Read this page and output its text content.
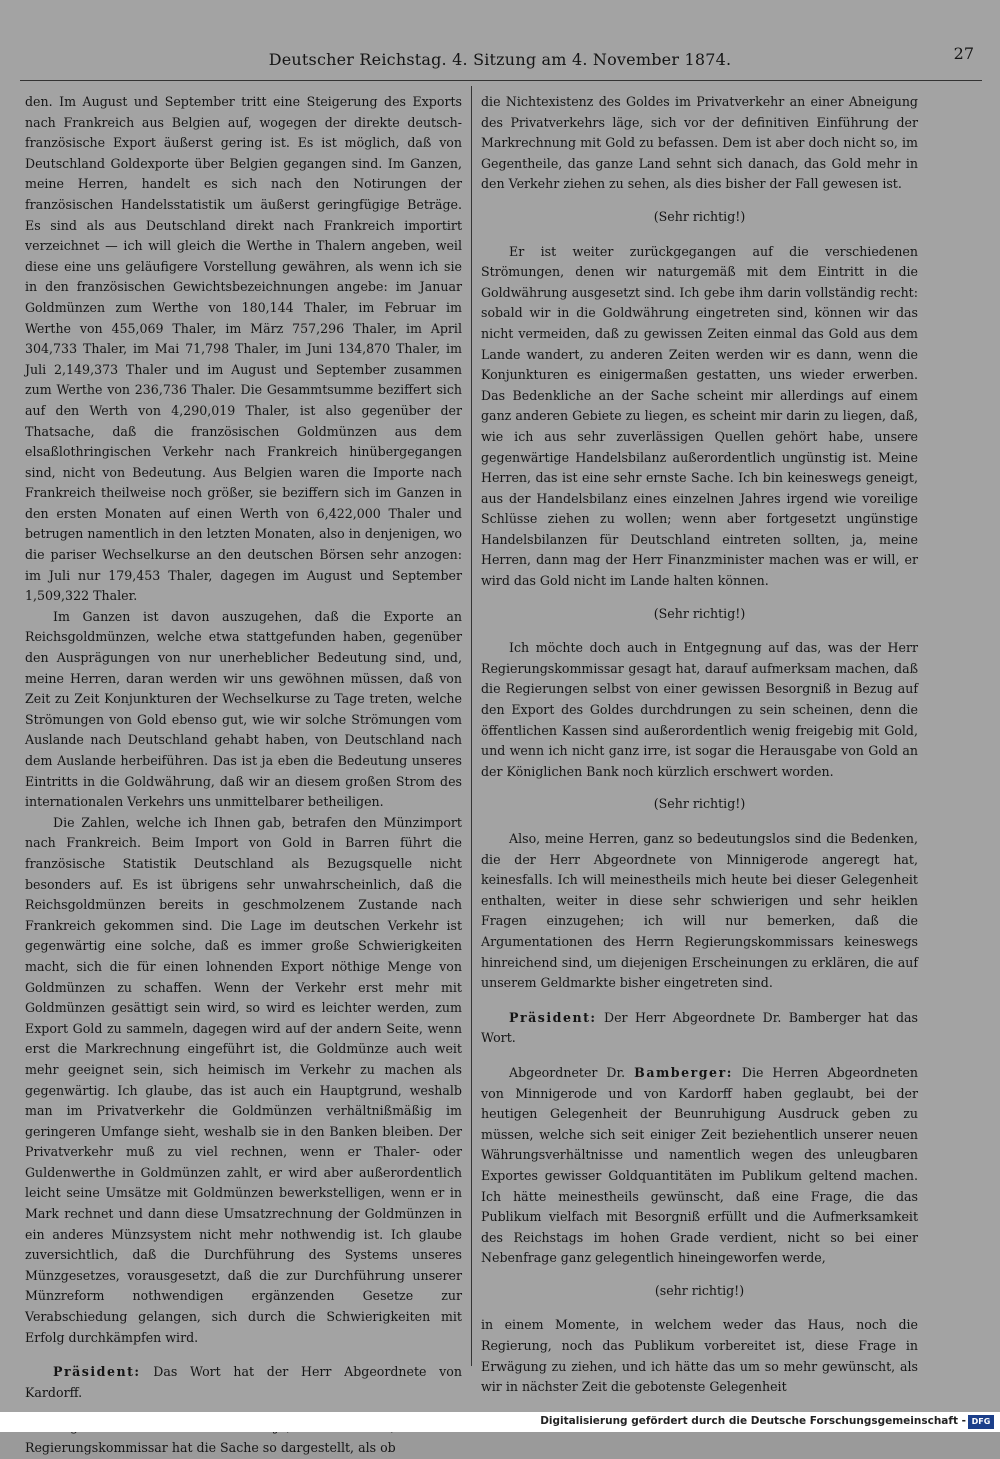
Deutscher Reichstag. 4. Sitzung am 4. November 1874.	27

den. Im August und September tritt eine Steigerung des Exports nach Frankreich aus Belgien auf, wogegen der direkte deutsch-französische Export äußerst gering ist. Es ist möglich, daß von Deutschland Goldexporte über Belgien gegangen sind. Im Ganzen, meine Herren, handelt es sich nach den Notirungen der französischen Handelsstatistik um äußerst geringfügige Beträge. Es sind als aus Deutschland direkt nach Frankreich importirt verzeichnet — ich will gleich die Werthe in Thalern angeben, weil diese eine uns geläufigere Vorstellung gewähren, als wenn ich sie in den französischen Gewichtsbezeichnungen angebe: im Januar Goldmünzen zum Werthe von 180,144 Thaler, im Februar im Werthe von 455,069 Thaler, im März 757,296 Thaler, im April 304,733 Thaler, im Mai 71,798 Thaler, im Juni 134,870 Thaler, im Juli 2,149,373 Thaler und im August und September zusammen zum Werthe von 236,736 Thaler. Die Gesammtsumme beziffert sich auf den Werth von 4,290,019 Thaler, ist also gegenüber der Thatsache, daß die französischen Goldmünzen aus dem elsaßlothringischen Verkehr nach Frankreich hinübergegangen sind, nicht von Bedeutung. Aus Belgien waren die Importe nach Frankreich theilweise noch größer, sie beziffern sich im Ganzen in den ersten Monaten auf einen Werth von 6,422,000 Thaler und betrugen namentlich in den letzten Monaten, also in denjenigen, wo die pariser Wechselkurse an den deutschen Börsen sehr anzogen: im Juli nur 179,453 Thaler, dagegen im August und September 1,509,322 Thaler.

Im Ganzen ist davon auszugehen, daß die Exporte an Reichsgoldmünzen, welche etwa stattgefunden haben, gegenüber den Ausprägungen von nur unerheblicher Bedeutung sind, und, meine Herren, daran werden wir uns gewöhnen müssen, daß von Zeit zu Zeit Konjunkturen der Wechselkurse zu Tage treten, welche Strömungen von Gold ebenso gut, wie wir solche Strömungen vom Auslande nach Deutschland gehabt haben, von Deutschland nach dem Auslande herbeiführen. Das ist ja eben die Bedeutung unseres Eintritts in die Goldwährung, daß wir an diesem großen Strom des internationalen Verkehrs uns unmittelbarer betheiligen.

Die Zahlen, welche ich Ihnen gab, betrafen den Münzimport nach Frankreich. Beim Import von Gold in Barren führt die französische Statistik Deutschland als Bezugsquelle nicht besonders auf. Es ist übrigens sehr unwahrscheinlich, daß die Reichsgoldmünzen bereits in geschmolzenem Zustande nach Frankreich gekommen sind. Die Lage im deutschen Verkehr ist gegenwärtig eine solche, daß es immer große Schwierigkeiten macht, sich die für einen lohnenden Export nöthige Menge von Goldmünzen zu schaffen. Wenn der Verkehr erst mehr mit Goldmünzen gesättigt sein wird, so wird es leichter werden, zum Export Gold zu sammeln, dagegen wird auf der andern Seite, wenn erst die Markrechnung eingeführt ist, die Goldmünze auch weit mehr geeignet sein, sich heimisch im Verkehr zu machen als gegenwärtig. Ich glaube, das ist auch ein Hauptgrund, weshalb man im Privatverkehr die Goldmünzen verhältnißmäßig im geringeren Umfange sieht, weshalb sie in den Banken bleiben. Der Privatverkehr muß zu viel rechnen, wenn er Thaler- oder Guldenwerthe in Goldmünzen zahlt, er wird aber außerordentlich leicht seine Umsätze mit Goldmünzen bewerkstelligen, wenn er in Mark rechnet und dann diese Umsatzrechnung der Goldmünzen in ein anderes Münzsystem nicht mehr nothwendig ist. Ich glaube zuversichtlich, daß die Durchführung des Systems unseres Münzgesetzes, vorausgesetzt, daß die zur Durchführung unserer Münzreform nothwendigen ergänzenden Gesetze zur Verabschiedung gelangen, sich durch die Schwierigkeiten mit Erfolg durchkämpfen wird.

Präsident: Das Wort hat der Herr Abgeordnete von Kardorff.

Regierungskommissar hat die Sache so dargestellt, als ob

die Nichtexistenz des Goldes im Privatverkehr an einer Abneigung des Privatverkehrs läge, sich vor der definitiven Einführung der Markrechnung mit Gold zu befassen. Dem ist aber doch nicht so, im Gegentheile, das ganze Land sehnt sich danach, das Gold mehr in den Verkehr ziehen zu sehen, als dies bisher der Fall gewesen ist.

(Sehr richtig!)

Er ist weiter zurückgegangen auf die verschiedenen Strömungen, denen wir naturgemäß mit dem Eintritt in die Goldwährung ausgesetzt sind. Ich gebe ihm darin vollständig recht: sobald wir in die Goldwährung eingetreten sind, können wir das nicht vermeiden, daß zu gewissen Zeiten einmal das Gold aus dem Lande wandert, zu anderen Zeiten werden wir es dann, wenn die Konjunkturen es einigermaßen gestatten, uns wieder erwerben. Das Bedenkliche an der Sache scheint mir allerdings auf einem ganz anderen Gebiete zu liegen, es scheint mir darin zu liegen, daß, wie ich aus sehr zuverlässigen Quellen gehört habe, unsere gegenwärtige Handelsbilanz außerordentlich ungünstig ist. Meine Herren, das ist eine sehr ernste Sache. Ich bin keineswegs geneigt, aus der Handelsbilanz eines einzelnen Jahres irgend wie voreilige Schlüsse ziehen zu wollen; wenn aber fortgesetzt ungünstige Handelsbilanzen für Deutschland eintreten sollten, ja, meine Herren, dann mag der Herr Finanzminister machen was er will, er wird das Gold nicht im Lande halten können.

(Sehr richtig!)

Ich möchte doch auch in Entgegnung auf das, was der Herr Regierungskommissar gesagt hat, darauf aufmerksam machen, daß die Regierungen selbst von einer gewissen Besorgniß in Bezug auf den Export des Goldes durchdrungen zu sein scheinen, denn die öffentlichen Kassen sind außerordentlich wenig freigebig mit Gold, und wenn ich nicht ganz irre, ist sogar die Herausgabe von Gold an der Königlichen Bank noch kürzlich erschwert worden.

(Sehr richtig!)

Also, meine Herren, ganz so bedeutungslos sind die Bedenken, die der Herr Abgeordnete von Minnigerode angeregt hat, keinesfalls. Ich will meinestheils mich heute bei dieser Gelegenheit enthalten, weiter in diese sehr schwierigen und sehr heiklen Fragen einzugehen; ich will nur bemerken, daß die Argumentationen des Herrn Regierungskommissars keineswegs hinreichend sind, um diejenigen Erscheinungen zu erklären, die auf unserem Geldmarkte bisher eingetreten sind.

Präsident: Der Herr Abgeordnete Dr. Bamberger hat das Wort.

Abgeordneter Dr. Bamberger: Die Herren Abgeordneten von Minnigerode und von Kardorff haben geglaubt, bei der heutigen Gelegenheit der Beunruhigung Ausdruck geben zu müssen, welche sich seit einiger Zeit beziehentlich unserer neuen Währungsverhältnisse und namentlich wegen des unleugbaren Exportes gewisser Goldquantitäten im Publikum geltend machen. Ich hätte meinestheils gewünscht, daß eine Frage, die das Publikum vielfach mit Besorgniß erfüllt und die Aufmerksamkeit des Reichstags im hohen Grade verdient, nicht so bei einer Nebenfrage ganz gelegentlich hineingeworfen werde,

(sehr richtig!)

in einem Momente, in welchem weder das Haus, noch die Regierung, noch das Publikum vorbereitet ist, diese Frage in Erwägung zu ziehen, und ich hätte das um so mehr gewünscht, als wir in nächster Zeit die gebotenste Gelegenheit

Digitalisierung gefördert durch die Deutsche Forschungsgemeinschaft - DFG
